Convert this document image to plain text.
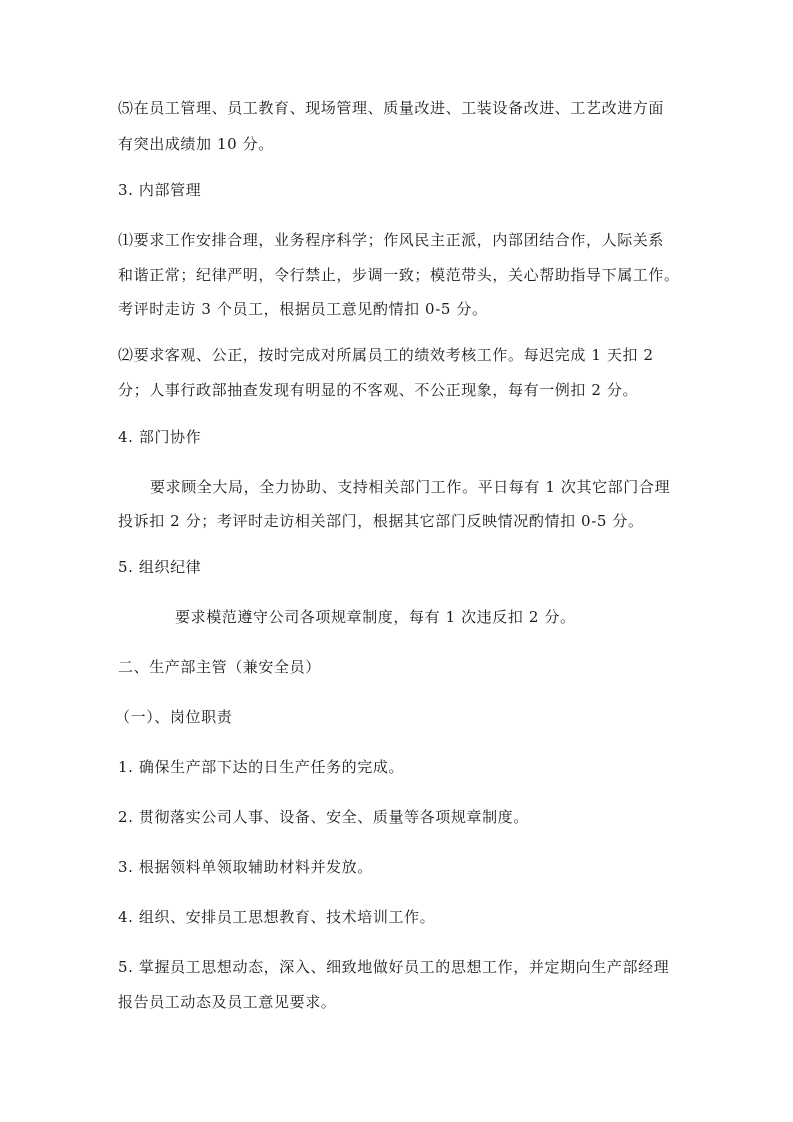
⑸在员工管理、员工教育、现场管理、质量改进、工装设备改进、工艺改进方面
有突出成绩加 10 分。
3. 内部管理
⑴要求工作安排合理，业务程序科学；作风民主正派，内部团结合作，人际关系
和谐正常；纪律严明，令行禁止，步调一致；模范带头，关心帮助指导下属工作。
考评时走访 3 个员工，根据员工意见酌情扣 0-5 分。
⑵要求客观、公正，按时完成对所属员工的绩效考核工作。每迟完成 1 天扣 2
分；人事行政部抽查发现有明显的不客观、不公正现象，每有一例扣 2 分。
4. 部门协作
要求顾全大局，全力协助、支持相关部门工作。平日每有 1 次其它部门合理
投诉扣 2 分；考评时走访相关部门，根据其它部门反映情况酌情扣 0-5 分。
5. 组织纪律
要求模范遵守公司各项规章制度，每有 1 次违反扣 2 分。
二、生产部主管（兼安全员）
（一）、岗位职责
1. 确保生产部下达的日生产任务的完成。
2. 贯彻落实公司人事、设备、安全、质量等各项规章制度。
3. 根据领料单领取辅助材料并发放。
4. 组织、安排员工思想教育、技术培训工作。
5. 掌握员工思想动态，深入、细致地做好员工的思想工作，并定期向生产部经理
报告员工动态及员工意见要求。
